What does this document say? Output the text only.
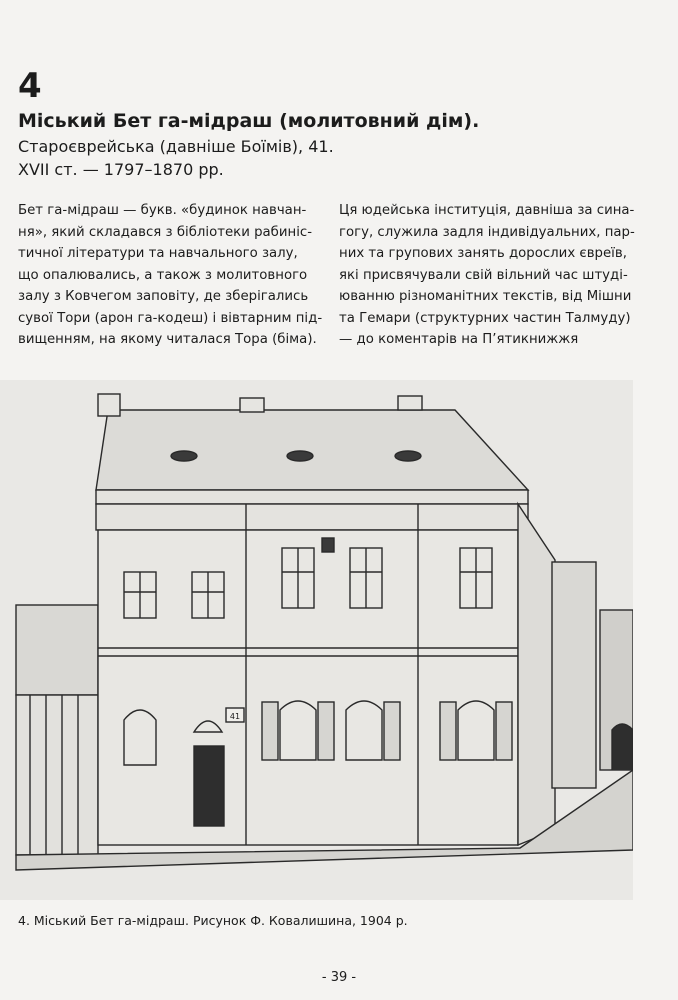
4
Міський Бет га-мідраш (молитовний дім).
Староєврейська (давніше Боїмів), 41.
XVII ст. — 1797–1870 рр.
Бет га-мідраш — букв. «будинок навчан-
ня», який складався з бібліотеки рабиніс-
тичної літератури та навчального залу,
що опалювались, а також з молитовного
залу з Ковчегом заповіту, де зберігались
сувої Тори (арон га-кодеш) і вівтарним під-
вищенням, на якому читалася Тора (біма).
Ця юдейська інституція, давніша за сина-
гогу, служила задля індивідуальних, пар-
них та групових занять дорослих євреїв,
які присвячували свій вільний час штуді-
юванню різноманітних текстів, від Мішни
та Гемари (структурних частин Талмуду)
— до коментарів на П’ятикнижжя
41
4. Міський Бет га-мідраш. Рисунок Ф. Ковалишина, 1904 р.
- 39 -
